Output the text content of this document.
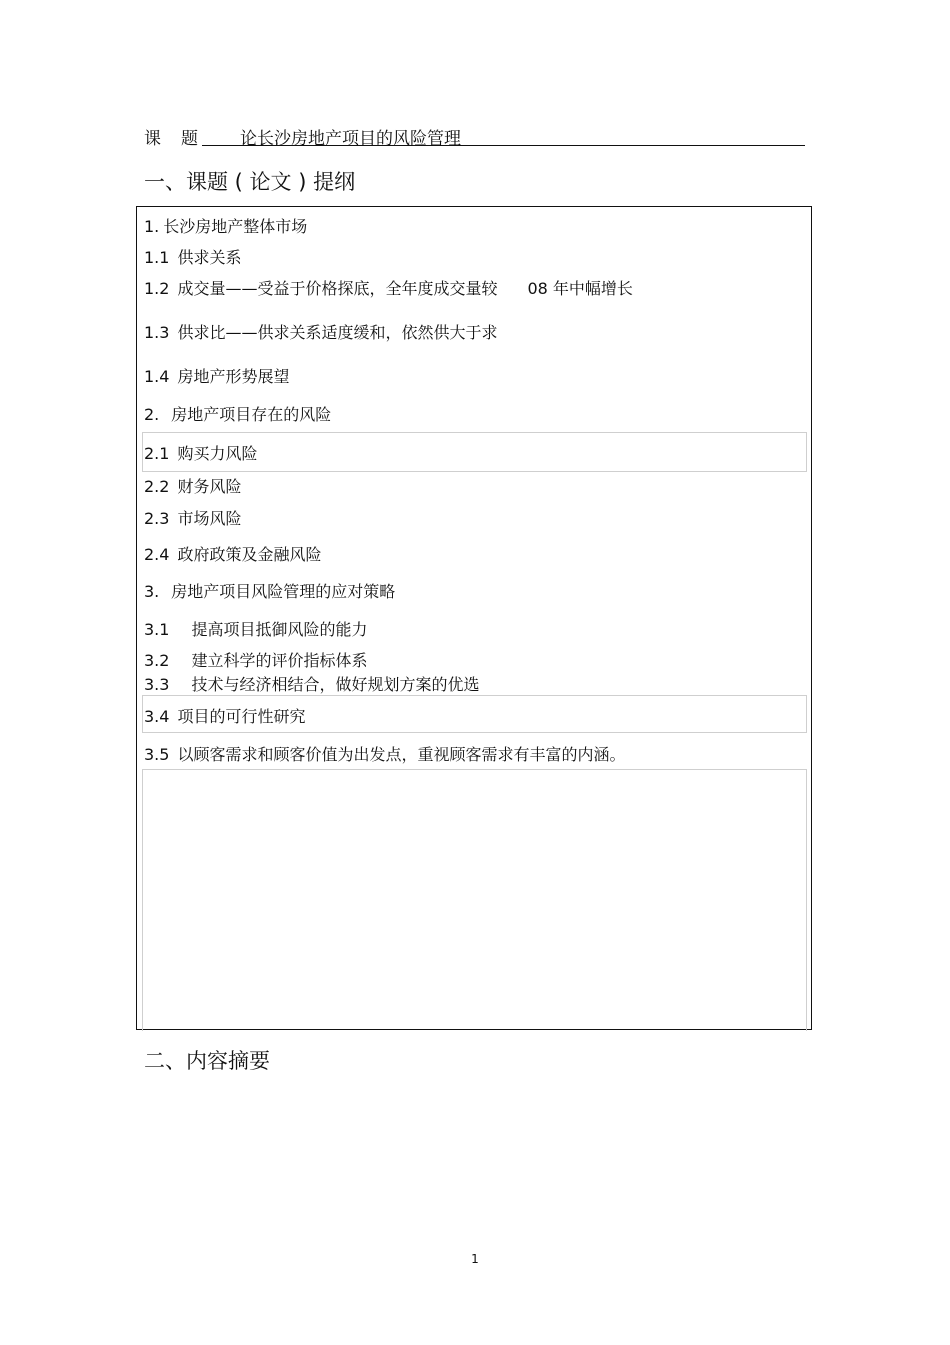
课 题 论长沙房地产项目的风险管理
一、课题 ( 论文 ) 提纲
1. 长沙房地产整体市场
1.1 供求关系
1.2 成交量——受益于价格探底，全年度成交量较 08 年中幅增长
1.3 供求比——供求关系适度缓和，依然供大于求
1.4 房地产形势展望
2. 房地产项目存在的风险
2.1 购买力风险
2.2 财务风险
2.3 市场风险
2.4 政府政策及金融风险
3. 房地产项目风险管理的应对策略
3.1 提高项目抵御风险的能力
3.2 建立科学的评价指标体系
3.3 技术与经济相结合，做好规划方案的优选
3.4 项目的可行性研究
3.5 以顾客需求和顾客价值为出发点，重视顾客需求有丰富的内涵。
二、内容摘要
1
